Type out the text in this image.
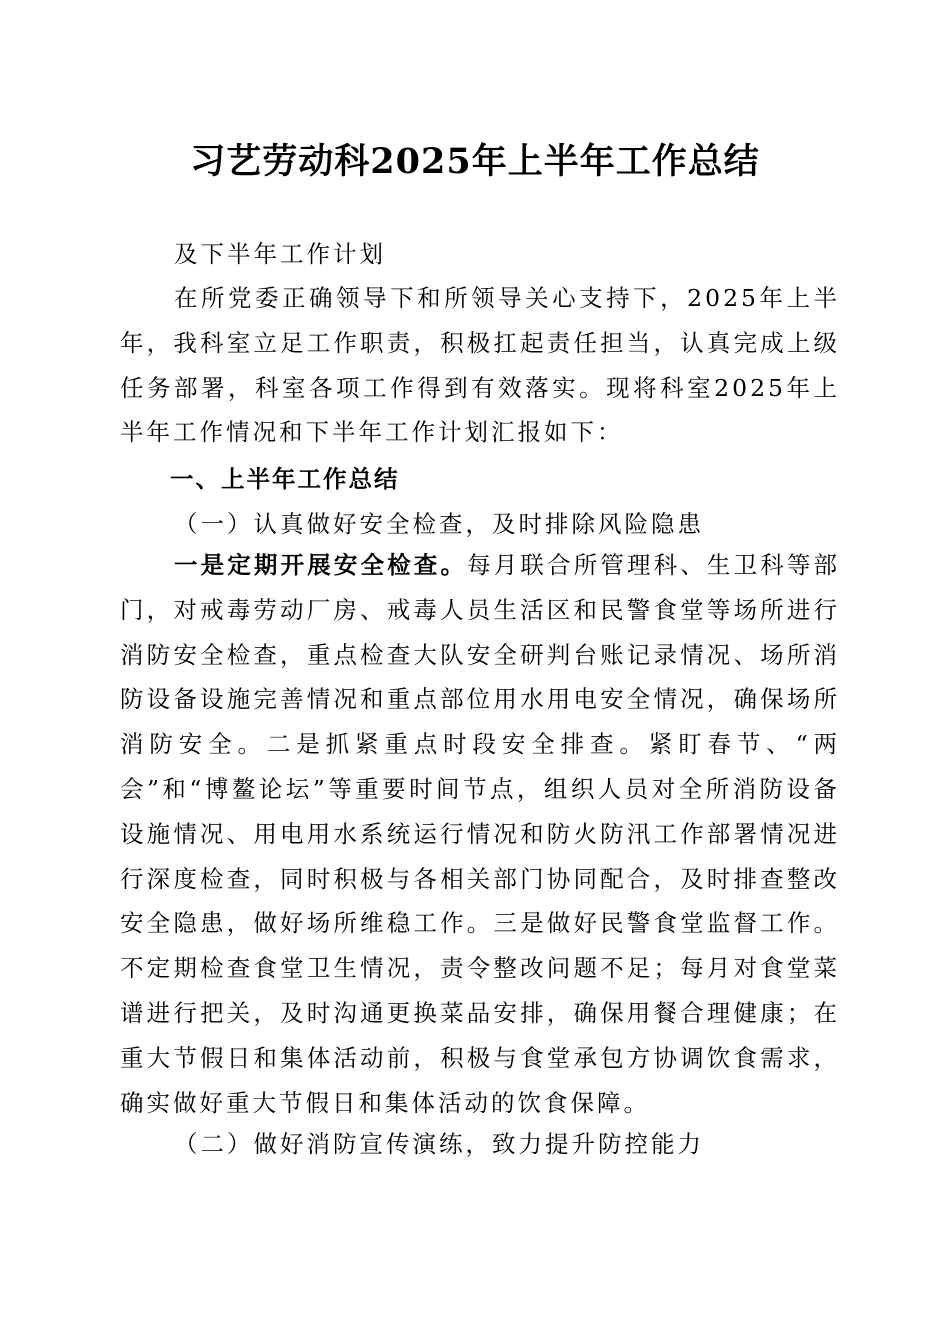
习艺劳动科2025年上半年工作总结

及下半年工作计划

在所党委正确领导下和所领导关心支持下，2025年上半年，我科室立足工作职责，积极扛起责任担当，认真完成上级任务部署，科室各项工作得到有效落实。现将科室2025年上半年工作情况和下半年工作计划汇报如下：

一、上半年工作总结
（一）认真做好安全检查，及时排除风险隐患

一是定期开展安全检查。每月联合所管理科、生卫科等部门，对戒毒劳动厂房、戒毒人员生活区和民警食堂等场所进行消防安全检查，重点检查大队安全研判台账记录情况、场所消防设备设施完善情况和重点部位用水用电安全情况，确保场所消防安全。二是抓紧重点时段安全排查。紧盯春节、“两会”和“博鳌论坛”等重要时间节点，组织人员对全所消防设备设施情况、用电用水系统运行情况和防火防汛工作部署情况进行深度检查，同时积极与各相关部门协同配合，及时排查整改安全隐患，做好场所维稳工作。三是做好民警食堂监督工作。不定期检查食堂卫生情况，责令整改问题不足；每月对食堂菜谱进行把关，及时沟通更换菜品安排，确保用餐合理健康；在重大节假日和集体活动前，积极与食堂承包方协调饮食需求，确实做好重大节假日和集体活动的饮食保障。

（二）做好消防宣传演练，致力提升防控能力
